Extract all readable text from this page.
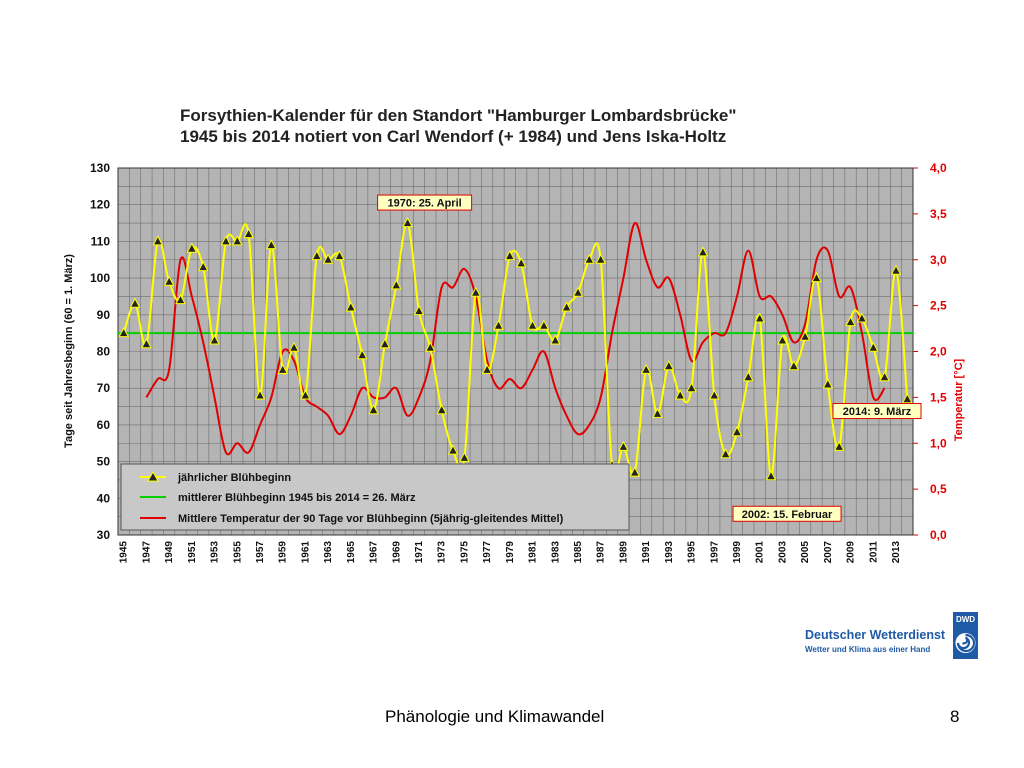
Forsythien-Kalender für den Standort "Hamburger Lombardsbrücke"
1945 bis 2014 notiert von Carl Wendorf (+ 1984) und Jens Iska-Holtz
30
40
50
60
70
80
90
100
110
120
130
0,0
0,5
1,0
1,5
2,0
2,5
3,0
3,5
4,0
1945 1947 1949 1951 1953 1955 1957 1959 1961 1963 1965 1967 1969 1971 1973 1975 1977 1979 1981 1983 1985 1987 1989 1991 1993 1995 1997 1999 2001 2003 2005 2007 2009 2011 2013
Tage seit Jahresbeginn (60 = 1. März)	Temperatur [°C]
1970: 25. April
2002: 15. Februar
2014: 9. März
jährlicher Blühbeginn
mittlerer Blühbeginn 1945 bis 2014 = 26. März
Mittlere Temperatur der 90 Tage vor Blühbeginn (5jährig-gleitendes Mittel)
Deutscher Wetterdienst
Wetter und Klima aus einer Hand
DWD
Phänologie und Klimawandel	8
